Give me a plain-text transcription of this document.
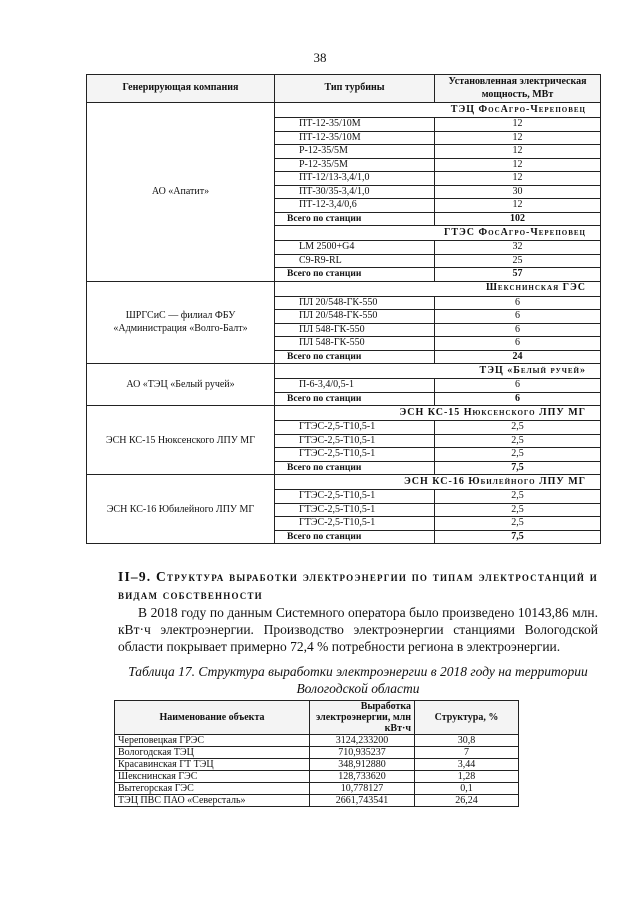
38
Генерирующая компания	Тип турбины	Установленная электрическая мощность, МВт

АО «Апатит»	ТЭЦ ФосАгро-Череповец	
	ПТ-12-35/10М	12
	ПТ-12-35/10М	12
	Р-12-35/5М	12
	Р-12-35/5М	12
	ПТ-12/13-3,4/1,0	12
	ПТ-30/35-3,4/1,0	30
	ПТ-12-3,4/0,6	12
	Всего по станции	102
	ГТЭС ФосАгро-Череповец	
	LM 2500+G4	32
	C9-R9-RL	25
	Всего по станции	57

ШРГСиС — филиал ФБУ
«Администрация «Волго-Балт»	Шекснинская ГЭС	
	ПЛ 20/548-ГК-550	6
	ПЛ 20/548-ГК-550	6
	ПЛ 548-ГК-550	6
	ПЛ 548-ГК-550	6
	Всего по станции	24

АО «ТЭЦ «Белый ручей»	ТЭЦ «Белый ручей»	
	П-6-3,4/0,5-1	6
	Всего по станции	6

ЭСН КС-15 Нюксенского ЛПУ МГ	ЭСН КС-15 Нюксенского ЛПУ МГ	
	ГТЭС-2,5-Т10,5-1	2,5
	ГТЭС-2,5-Т10,5-1	2,5
	ГТЭС-2,5-Т10,5-1	2,5
	Всего по станции	7,5

ЭСН КС-16 Юбилейного ЛПУ МГ	ЭСН КС-16 Юбилейного ЛПУ МГ	
	ГТЭС-2,5-Т10,5-1	2,5
	ГТЭС-2,5-Т10,5-1	2,5
	ГТЭС-2,5-Т10,5-1	2,5
	Всего по станции	7,5
II–9. Структура выработки электроэнергии по типам электростанций и видам собственности
В 2018 году по данным Системного оператора было произведено 10143,86 млн. кВт·ч электроэнергии. Производство электроэнергии станциями Вологодской области покрывает примерно 72,4 % потребности региона в электроэнергии.
Таблица 17. Структура выработки электроэнергии в 2018 году на территории Вологодской области
Наименование объекта	Выработка электроэнергии, млн кВт·ч	Структура, %
Череповецкая ГРЭС	3124,233200	30,8
Вологодская ТЭЦ	710,935237	7
Красавинская ГТ ТЭЦ	348,912880	3,44
Шекснинская ГЭС	128,733620	1,28
Вытегорская ГЭС	10,778127	0,1
ТЭЦ ПВС ПАО «Северсталь»	2661,743541	26,24
